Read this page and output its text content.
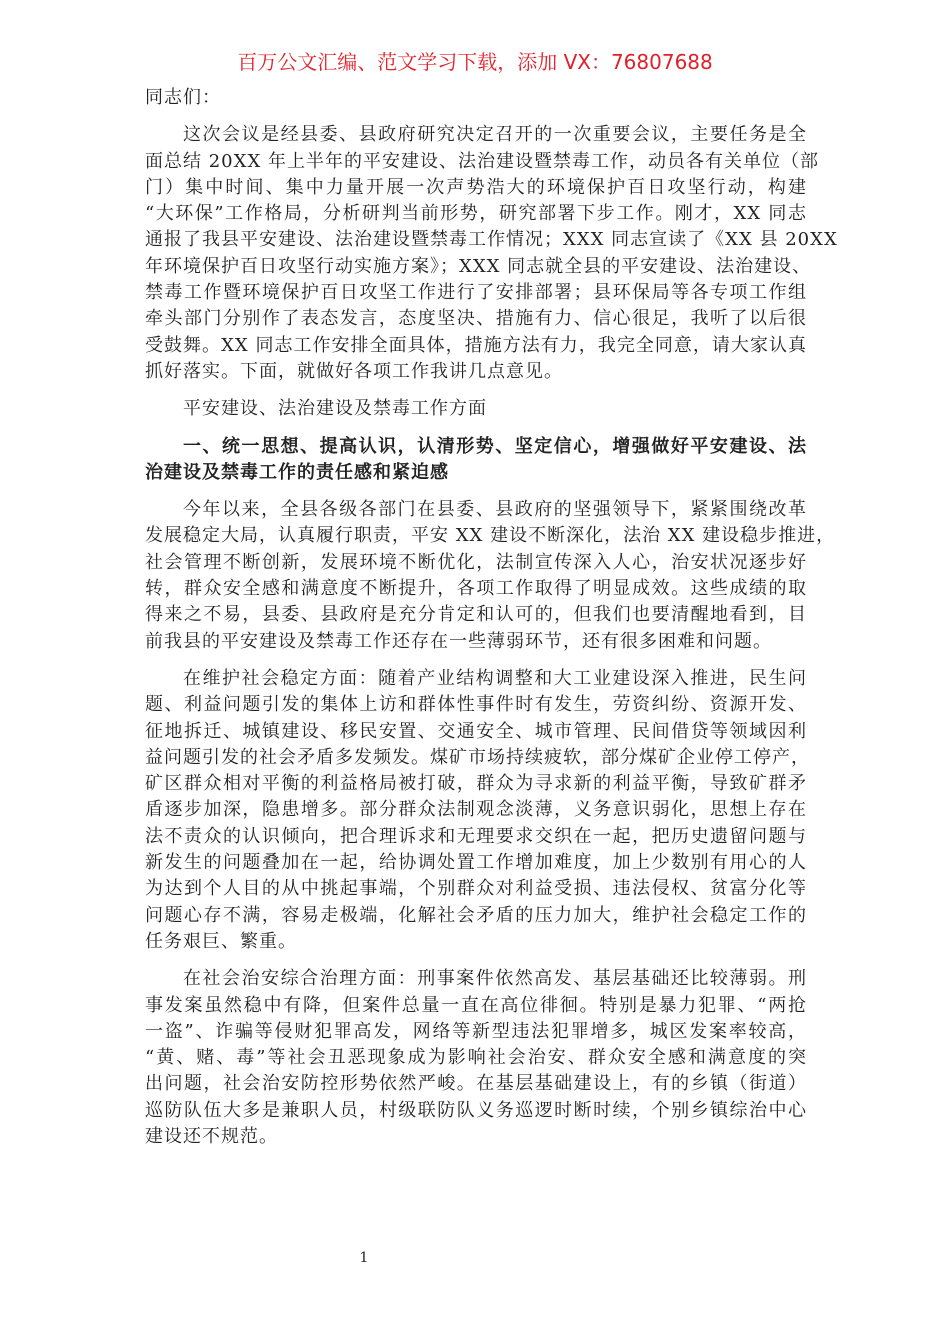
百万公文汇编、范文学习下载，添加 VX：76807688
同志们：
这次会议是经县委、县政府研究决定召开的一次重要会议，主要任务是全
面总结 20XX 年上半年的平安建设、法治建设暨禁毒工作，动员各有关单位（部
门）集中时间、集中力量开展一次声势浩大的环境保护百日攻坚行动，构建
“大环保”工作格局，分析研判当前形势，研究部署下步工作。刚才，XX 同志
通报了我县平安建设、法治建设暨禁毒工作情况；XXX 同志宣读了《XX 县 20XX
年环境保护百日攻坚行动实施方案》；XXX 同志就全县的平安建设、法治建设、
禁毒工作暨环境保护百日攻坚工作进行了安排部署；县环保局等各专项工作组
牵头部门分别作了表态发言，态度坚决、措施有力、信心很足，我听了以后很
受鼓舞。XX 同志工作安排全面具体，措施方法有力，我完全同意，请大家认真
抓好落实。下面，就做好各项工作我讲几点意见。
平安建设、法治建设及禁毒工作方面
一、统一思想、提高认识，认清形势、坚定信心，增强做好平安建设、法
治建设及禁毒工作的责任感和紧迫感
今年以来，全县各级各部门在县委、县政府的坚强领导下，紧紧围绕改革
发展稳定大局，认真履行职责，平安 XX 建设不断深化，法治 XX 建设稳步推进，
社会管理不断创新，发展环境不断优化，法制宣传深入人心，治安状况逐步好
转，群众安全感和满意度不断提升，各项工作取得了明显成效。这些成绩的取
得来之不易，县委、县政府是充分肯定和认可的，但我们也要清醒地看到，目
前我县的平安建设及禁毒工作还存在一些薄弱环节，还有很多困难和问题。
在维护社会稳定方面：随着产业结构调整和大工业建设深入推进，民生问
题、利益问题引发的集体上访和群体性事件时有发生，劳资纠纷、资源开发、
征地拆迁、城镇建设、移民安置、交通安全、城市管理、民间借贷等领域因利
益问题引发的社会矛盾多发频发。煤矿市场持续疲软，部分煤矿企业停工停产，
矿区群众相对平衡的利益格局被打破，群众为寻求新的利益平衡，导致矿群矛
盾逐步加深，隐患增多。部分群众法制观念淡薄，义务意识弱化，思想上存在
法不责众的认识倾向，把合理诉求和无理要求交织在一起，把历史遗留问题与
新发生的问题叠加在一起，给协调处置工作增加难度，加上少数别有用心的人
为达到个人目的从中挑起事端，个别群众对利益受损、违法侵权、贫富分化等
问题心存不满，容易走极端，化解社会矛盾的压力加大，维护社会稳定工作的
任务艰巨、繁重。
在社会治安综合治理方面：刑事案件依然高发、基层基础还比较薄弱。刑
事发案虽然稳中有降，但案件总量一直在高位徘徊。特别是暴力犯罪、“两抢
一盗”、诈骗等侵财犯罪高发，网络等新型违法犯罪增多，城区发案率较高，
“黄、赌、毒”等社会丑恶现象成为影响社会治安、群众安全感和满意度的突
出问题，社会治安防控形势依然严峻。在基层基础建设上，有的乡镇（街道）
巡防队伍大多是兼职人员，村级联防队义务巡逻时断时续，个别乡镇综治中心
建设还不规范。
1
